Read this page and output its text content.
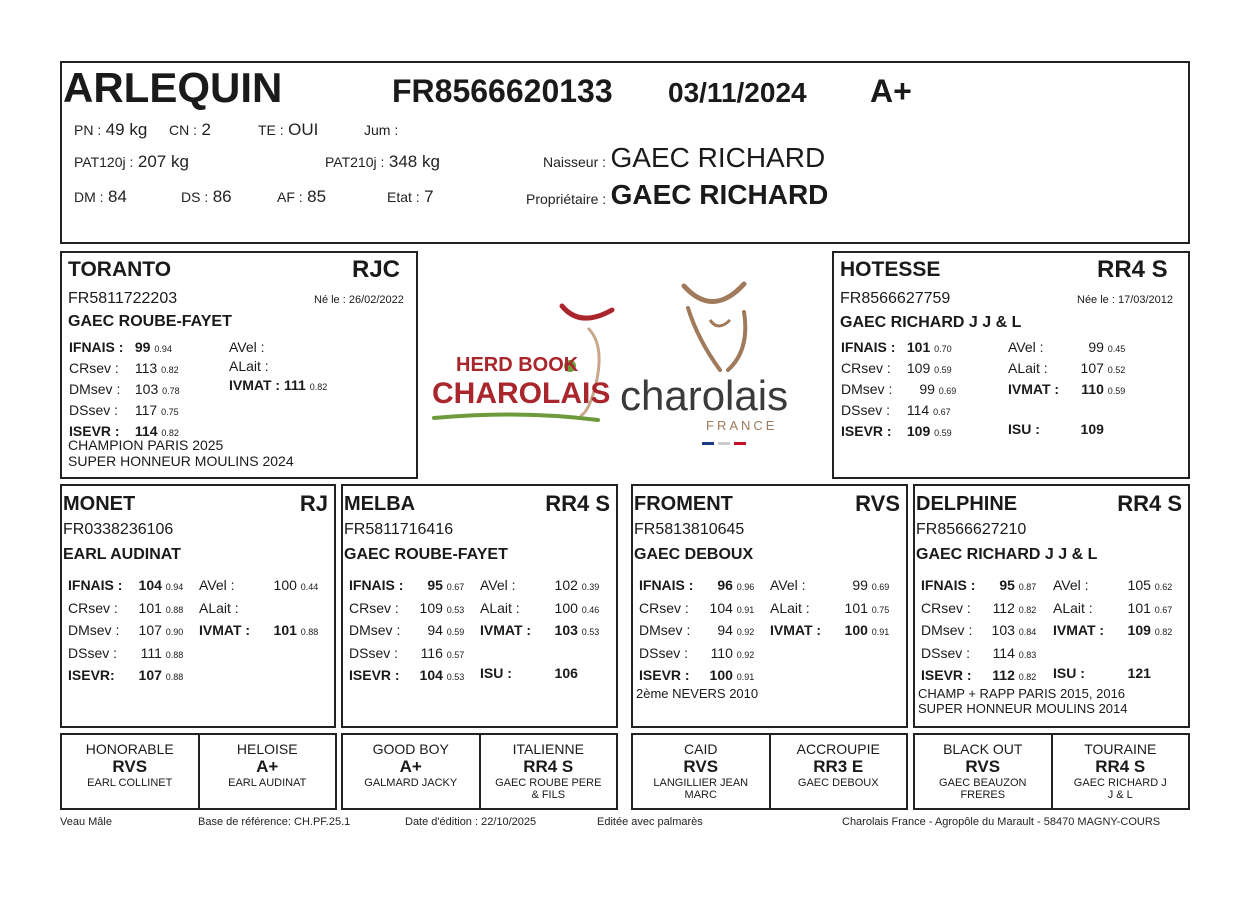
ARLEQUIN	FR8566620133 03/11/2024 A+
PN : 49 kg CN : 2	TE : OUI	Jum :
PAT120j : 207 kg	PAT210j : 348 kg
DM : 84	DS : 86	AF : 85	Etat : 7
Naisseur : GAEC RICHARD
Propriétaire : GAEC RICHARD
TORANTO	RJC
FR5811722203	Né le : 26/02/2022
GAEC ROUBE-FAYET
IFNAIS : 99 0.94
CRsev : 113 0.82
DMsev : 103 0.78
DSsev : 117 0.75
ISEVR : 114 0.82
AVel :
ALait :
IVMAT : 111 0.82
CHAMPION PARIS 2025
SUPER HONNEUR MOULINS 2024
HERD BOOK
CHAROLAIS charolais
FRANCE
HOTESSE	RR4 S
FR8566627759	Née le : 17/03/2012
GAEC RICHARD J J & L
IFNAIS : 101 0.70
CRsev : 109 0.59
DMsev : 99 0.69
DSsev : 114 0.67
ISEVR : 109 0.59
AVel :	99 0.45
ALait : 107 0.52
IVMAT : 110 0.59

ISU :	109
MONET	RJ
FR0338236106
EARL AUDINAT
IFNAIS : 104 0.94
CRsev : 101 0.88
DMsev : 107 0.90
DSsev : 111 0.88
ISEVR: 107 0.88
AVel :	100 0.44
ALait :
IVMAT : 101 0.88

MELBA	RR4 S
FR5811716416
GAEC ROUBE-FAYET
IFNAIS : 95 0.67
CRsev : 109 0.53
DMsev : 94 0.59
DSsev : 116 0.57
ISEVR : 104 0.53
AVel :	102 0.39
ALait : 100 0.46
IVMAT : 103 0.53

ISU :	106
FROMENT	RVS
FR5813810645
GAEC DEBOUX
IFNAIS : 96 0.96
CRsev : 104 0.91
DMsev : 94 0.92
DSsev : 110 0.92
ISEVR : 100 0.91
AVel :	99 0.69
ALait : 101 0.75
IVMAT : 100 0.91

2ème NEVERS 2010
DELPHINE	RR4 S
FR8566627210
GAEC RICHARD J J & L
IFNAIS : 95 0.87
CRsev : 112 0.82
DMsev : 103 0.84
DSsev : 114 0.83
ISEVR : 112 0.82
AVel :	105 0.62
ALait : 101 0.67
IVMAT : 109 0.82

ISU :	121
CHAMP + RAPP PARIS 2015, 2016
SUPER HONNEUR MOULINS 2014
HONORABLE
RVS
EARL COLLINET
HELOISE
A+
EARL AUDINAT
GOOD BOY
A+
GALMARD JACKY
ITALIENNE
RR4 S
GAEC ROUBE PERE
& FILS
CAID
RVS
LANGILLIER JEAN
MARC
ACCROUPIE
RR3 E
GAEC DEBOUX
BLACK OUT
RVS
GAEC BEAUZON
FRERES
TOURAINE
RR4 S
GAEC RICHARD J
J & L
Veau Mâle	Base de référence: CH.PF.25.1	Date d'édition : 22/10/2025	Editée avec palmarès	Charolais France - Agropôle du Marault - 58470 MAGNY-COURS
